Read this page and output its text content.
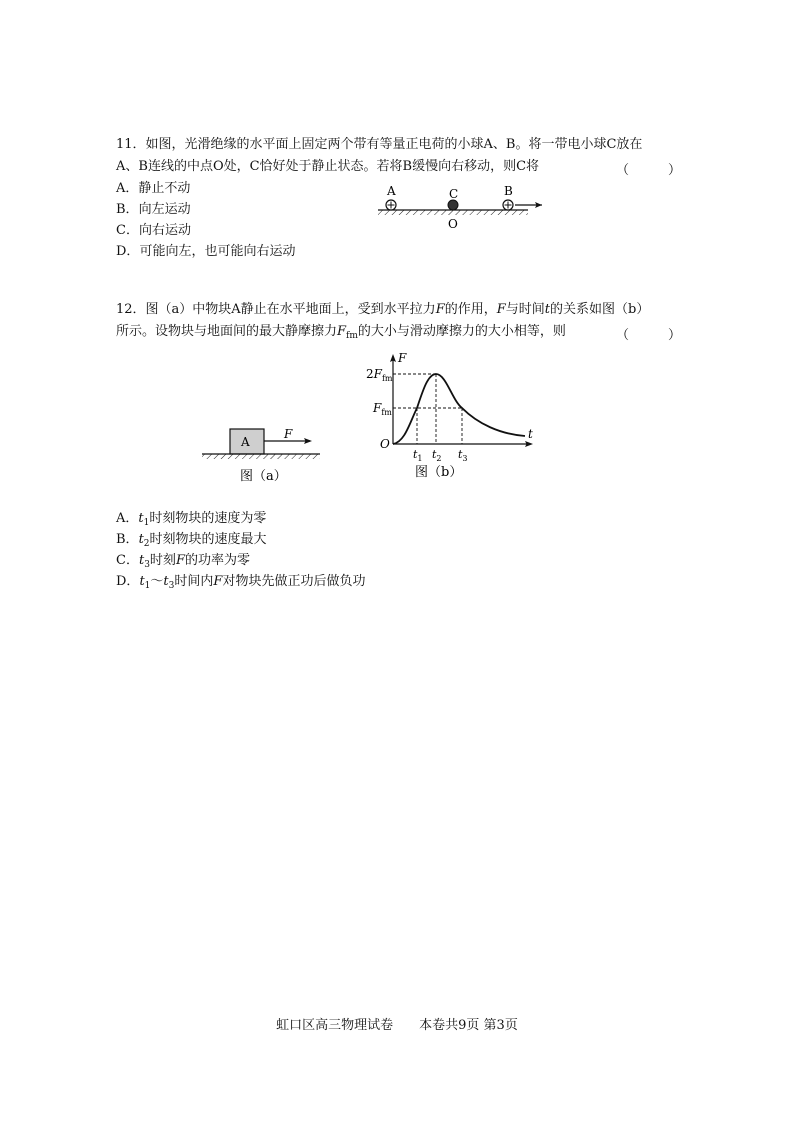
11．如图，光滑绝缘的水平面上固定两个带有等量正电荷的小球A、B。将一带电小球C放在
A、B连线的中点O处，C恰好处于静止状态。若将B缓慢向右移动，则C将	（　　　）
A．静止不动
B．向左运动
C．向右运动
D．可能向左，也可能向右运动
A	C	B
O
12．图（a）中物块A静止在水平地面上，受到水平拉力F的作用，F与时间t的关系如图（b）
所示。设物块与地面间的最大静摩擦力$F_{fm}$的大小与滑动摩擦力的大小相等，则	（　　　）
A
F
图（a）
F
t
O
$2F_{fm}$
$F_{fm}$
$t_1$ $t_2$ $t_3$
图（b）
A．$t_1$时刻物块的速度为零
B．$t_2$时刻物块的速度最大
C．$t_3$时刻F的功率为零
D．$t_1\sim t_3$时间内F对物块先做正功后做负功
虹口区高三物理试卷　　本卷共9页 第3页
